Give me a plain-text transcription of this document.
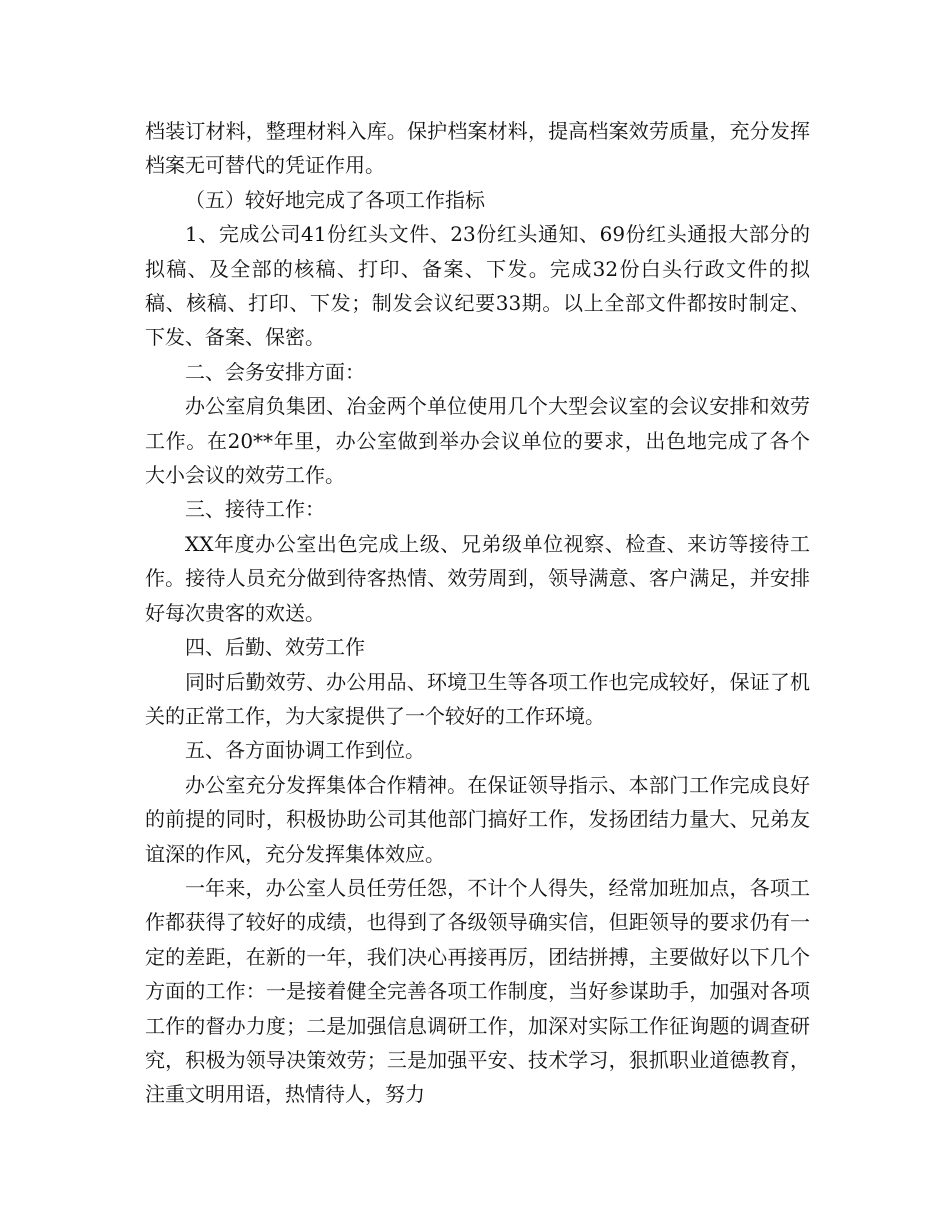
档装订材料，整理材料入库。保护档案材料，提高档案效劳质量，充分发挥档案无可替代的凭证作用。

（五）较好地完成了各项工作指标

1、完成公司41份红头文件、23份红头通知、69份红头通报大部分的拟稿、及全部的核稿、打印、备案、下发。完成32份白头行政文件的拟稿、核稿、打印、下发；制发会议纪要33期。以上全部文件都按时制定、下发、备案、保密。

二、会务安排方面：

办公室肩负集团、冶金两个单位使用几个大型会议室的会议安排和效劳工作。在20**年里，办公室做到举办会议单位的要求，出色地完成了各个大小会议的效劳工作。

三、接待工作：

XX年度办公室出色完成上级、兄弟级单位视察、检查、来访等接待工作。接待人员充分做到待客热情、效劳周到，领导满意、客户满足，并安排好每次贵客的欢送。

四、后勤、效劳工作

同时后勤效劳、办公用品、环境卫生等各项工作也完成较好，保证了机关的正常工作，为大家提供了一个较好的工作环境。

五、各方面协调工作到位。

办公室充分发挥集体合作精神。在保证领导指示、本部门工作完成良好的前提的同时，积极协助公司其他部门搞好工作，发扬团结力量大、兄弟友谊深的作风，充分发挥集体效应。

一年来，办公室人员任劳任怨，不计个人得失，经常加班加点，各项工作都获得了较好的成绩，也得到了各级领导确实信，但距领导的要求仍有一定的差距，在新的一年，我们决心再接再厉，团结拼搏，主要做好以下几个方面的工作：一是接着健全完善各项工作制度，当好参谋助手，加强对各项工作的督办力度；二是加强信息调研工作，加深对实际工作征询题的调查研究，积极为领导决策效劳；三是加强平安、技术学习，狠抓职业道德教育，注重文明用语，热情待人，努力
